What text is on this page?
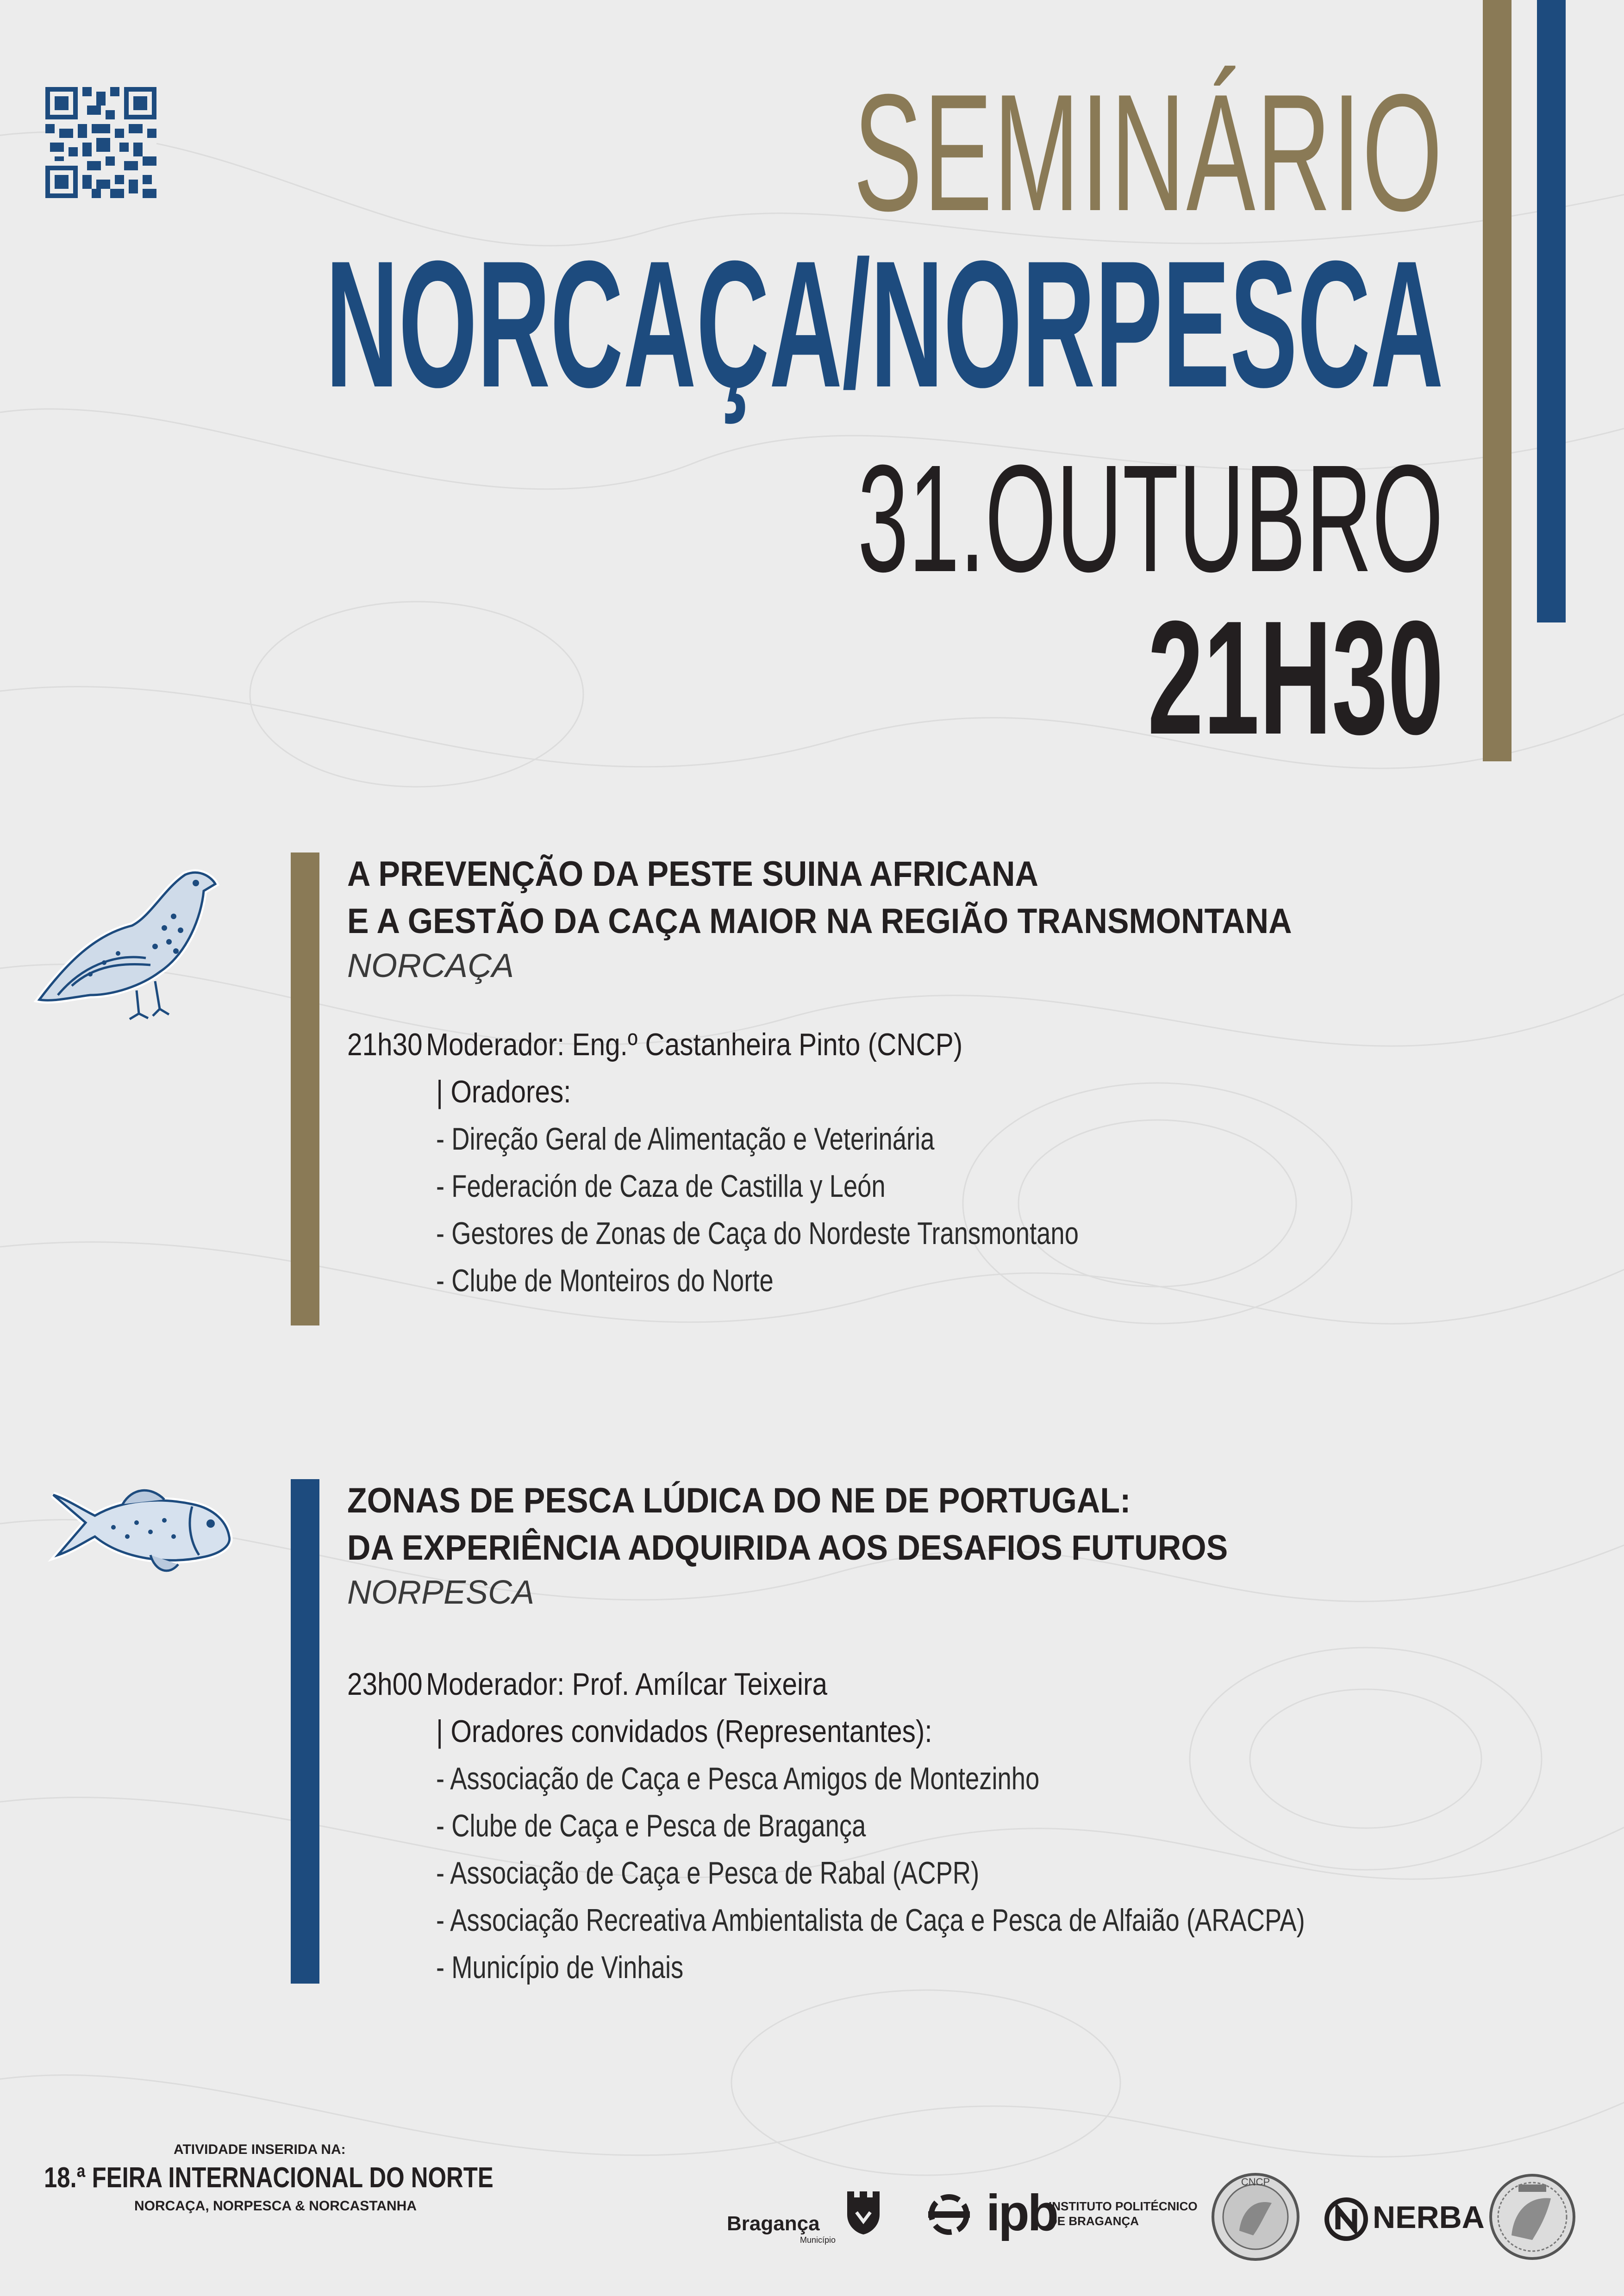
SEMINÁRIO
NORCAÇA/NORPESCA
31.OUTUBRO
21H30
A PREVENÇÃO DA PESTE SUINA AFRICANA
E A GESTÃO DA CAÇA MAIOR NA REGIÃO TRANSMONTANA
NORCAÇA
21h30 Moderador: Eng.º Castanheira Pinto (CNCP)
| Oradores:
- Direção Geral de Alimentação e Veterinária
- Federación de Caza de Castilla y León
- Gestores de Zonas de Caça do Nordeste Transmontano
- Clube de Monteiros do Norte
ZONAS DE PESCA LÚDICA DO NE DE PORTUGAL:
DA EXPERIÊNCIA ADQUIRIDA AOS DESAFIOS FUTUROS
NORPESCA
23h00 Moderador: Prof. Amílcar Teixeira
| Oradores convidados (Representantes):
- Associação de Caça e Pesca Amigos de Montezinho
- Clube de Caça e Pesca de Bragança
- Associação de Caça e Pesca de Rabal (ACPR)
- Associação Recreativa Ambientalista de Caça e Pesca de Alfaião (ARACPA)
- Município de Vinhais
ATIVIDADE INSERIDA NA:
18.ª FEIRA INTERNACIONAL DO NORTE
NORCAÇA, NORPESCA & NORCASTANHA
Bragança
Município	ipb
INSTITUTO POLITÉCNICO
DE BRAGANÇA
CNCP
NERBA
